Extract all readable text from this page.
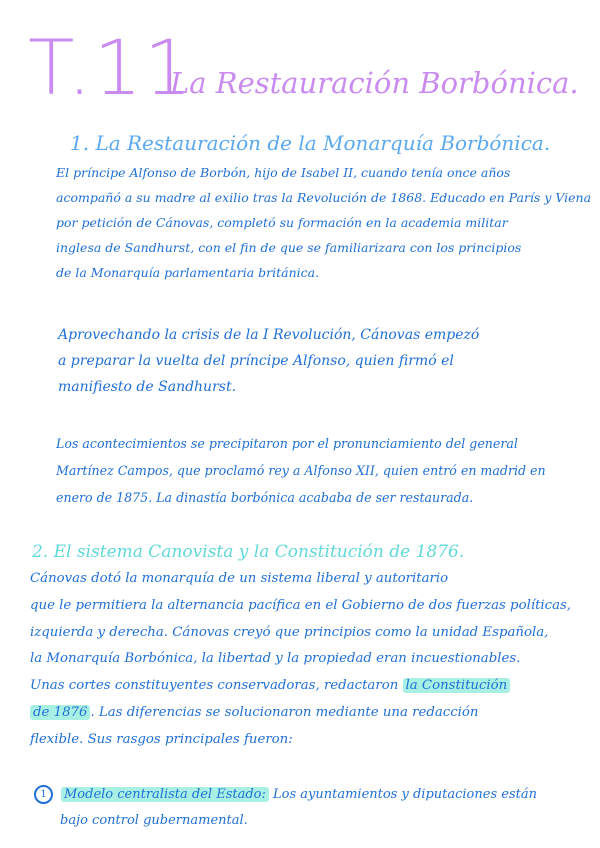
T.11
La Restauración Borbónica.
1. La Restauración de la Monarquía Borbónica.
El príncipe Alfonso de Borbón, hijo de Isabel II, cuando tenía once años
acompañó a su madre al exilio tras la Revolución de 1868. Educado en París y Viena
por petición de Cánovas, completó su formación en la academia militar
inglesa de Sandhurst, con el fin de que se familiarizara con los principios
de la Monarquía parlamentaria británica.
Aprovechando la crisis de la I Revolución, Cánovas empezó
a preparar la vuelta del príncipe Alfonso, quien firmó el
manifiesto de Sandhurst.
Los acontecimientos se precipitaron por el pronunciamiento del general
Martínez Campos, que proclamó rey a Alfonso XII, quien entró en madrid en
enero de 1875. La dinastía borbónica acababa de ser restaurada.
2. El sistema Canovista y la Constitución de 1876.
Cánovas dotó la monarquía de un sistema liberal y autoritario
que le permitiera la alternancia pacífica en el Gobierno de dos fuerzas políticas,
izquierda y derecha. Cánovas creyó que principios como la unidad Española,
la Monarquía Borbónica, la libertad y la propiedad eran incuestionables.
Unas cortes constituyentes conservadoras, redactaron la Constitución
de 1876 . Las diferencias se solucionaron mediante una redacción
flexible. Sus rasgos principales fueron:
1 Modelo centralista del Estado: Los ayuntamientos y diputaciones están
bajo control gubernamental.
